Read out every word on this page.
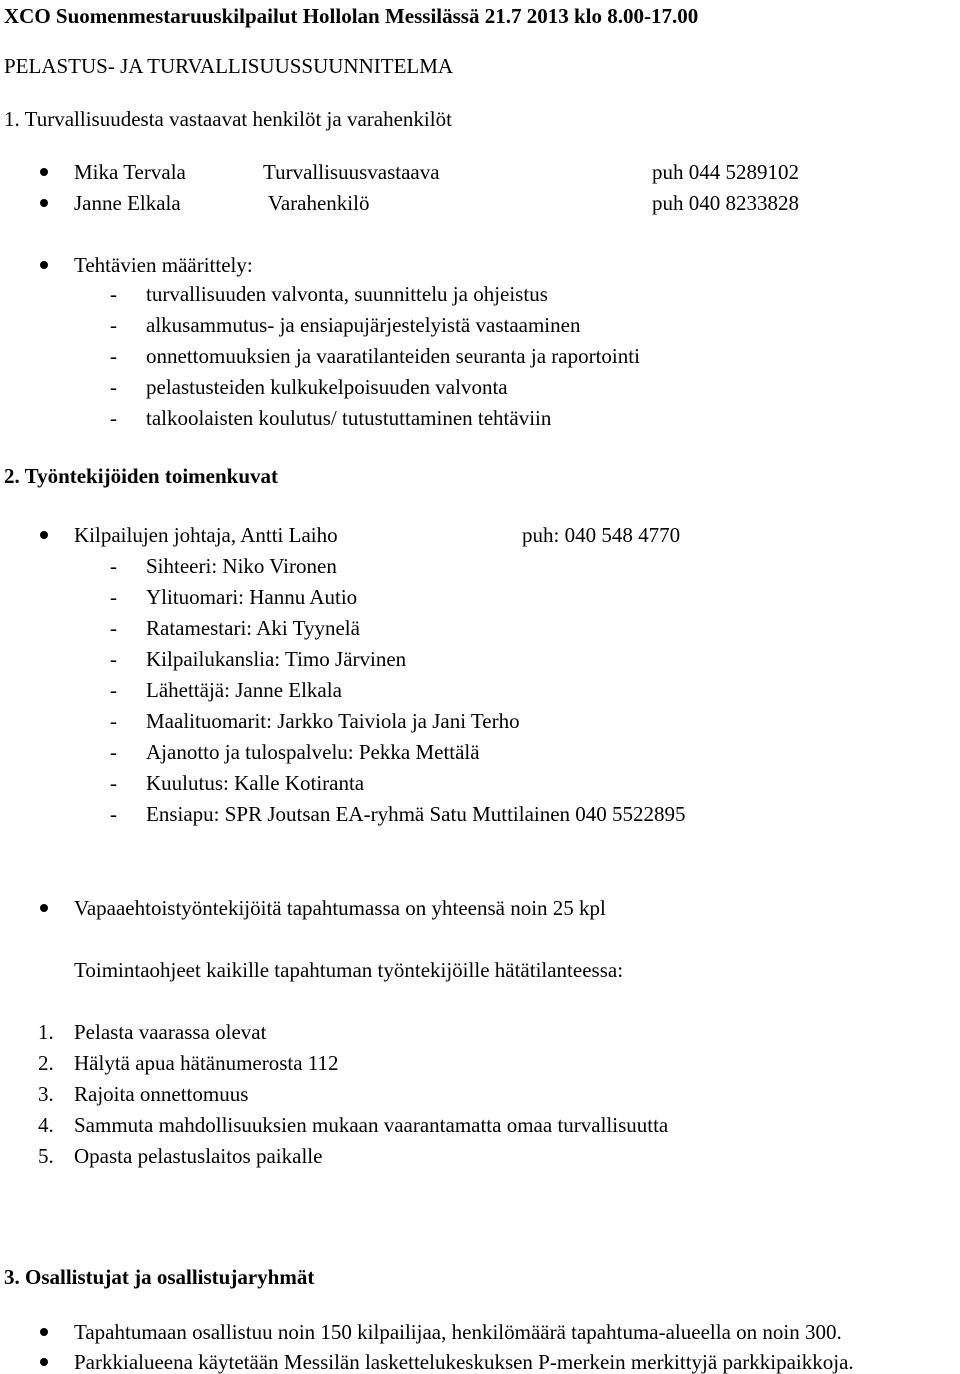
XCO Suomenmestaruuskilpailut Hollolan Messilässä 21.7 2013 klo 8.00-17.00
PELASTUS- JA TURVALLISUUSSUUNNITELMA
1. Turvallisuudesta vastaavat henkilöt ja varahenkilöt
Mika Tervala	Turvallisuusvastaava	puh 044 5289102
Janne Elkala	Varahenkilö	puh 040 8233828
Tehtävien määrittely:
- turvallisuuden valvonta, suunnittelu ja ohjeistus
- alkusammutus- ja ensiapujärjestelyistä vastaaminen
- onnettomuuksien ja vaaratilanteiden seuranta ja raportointi
- pelastusteiden kulkukelpoisuuden valvonta
- talkoolaisten koulutus/ tutustuttaminen tehtäviin
2. Työntekijöiden toimenkuvat
Kilpailujen johtaja, Antti Laiho	puh: 040 548 4770
- Sihteeri: Niko Vironen
- Ylituomari: Hannu Autio
- Ratamestari: Aki Tyynelä
- Kilpailukanslia: Timo Järvinen
- Lähettäjä: Janne Elkala
- Maalituomarit: Jarkko Taiviola ja Jani Terho
- Ajanotto ja tulospalvelu: Pekka Mettälä
- Kuulutus: Kalle Kotiranta
- Ensiapu: SPR Joutsan EA-ryhmä Satu Muttilainen 040 5522895
Vapaaehtoistyöntekijöitä tapahtumassa on yhteensä noin 25 kpl
Toimintaohjeet kaikille tapahtuman työntekijöille hätätilanteessa:
1. Pelasta vaarassa olevat
2. Hälytä apua hätänumerosta 112
3. Rajoita onnettomuus
4. Sammuta mahdollisuuksien mukaan vaarantamatta omaa turvallisuutta
5. Opasta pelastuslaitos paikalle
3. Osallistujat ja osallistujaryhmät
Tapahtumaan osallistuu noin 150 kilpailijaa, henkilömäärä tapahtuma-alueella on noin 300.
Parkkialueena käytetään Messilän laskettelukeskuksen P-merkein merkittyjä parkkipaikkoja.
